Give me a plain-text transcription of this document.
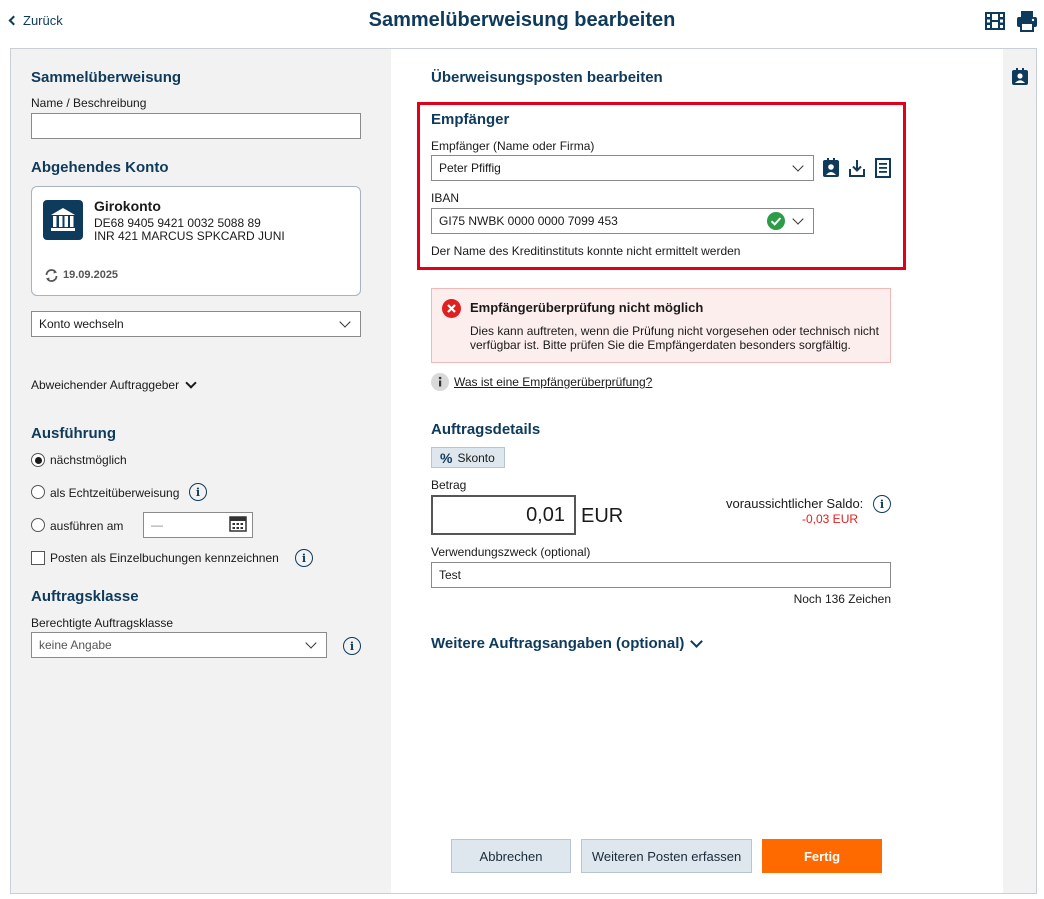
Zurück	Sammelüberweisung bearbeiten
Sammelüberweisung
Name / Beschreibung
Abgehendes Konto
Girokonto
DE68 9405 9421 0032 5088 89
INR 421 MARCUS SPKCARD JUNI
19.09.2025
Konto wechseln
Abweichender Auftraggeber
Ausführung
nächstmöglich
als Echtzeitüberweisung	i
ausführen am —
Posten als Einzelbuchungen kennzeichnen	i
Auftragsklasse
Berechtigte Auftragsklasse
keine Angabe	i
Überweisungsposten bearbeiten
Empfänger
Empfänger (Name oder Firma)
Peter Pfiffig
IBAN
GI75 NWBK 0000 0000 7099 453
Der Name des Kreditinstituts konnte nicht ermittelt werden
Empfängerüberprüfung nicht möglich
Dies kann auftreten, wenn die Prüfung nicht vorgesehen oder technisch nicht verfügbar ist. Bitte prüfen Sie die Empfängerdaten besonders sorgfältig.
Was ist eine Empfängerüberprüfung?
Auftragsdetails
% Skonto
Betrag
0,01 EUR
voraussichtlicher Saldo:
-0,03 EUR
i
Verwendungszweck (optional)
Test
Noch 136 Zeichen
Weitere Auftragsangaben (optional)
Abbrechen	Weiteren Posten erfassen	Fertig
